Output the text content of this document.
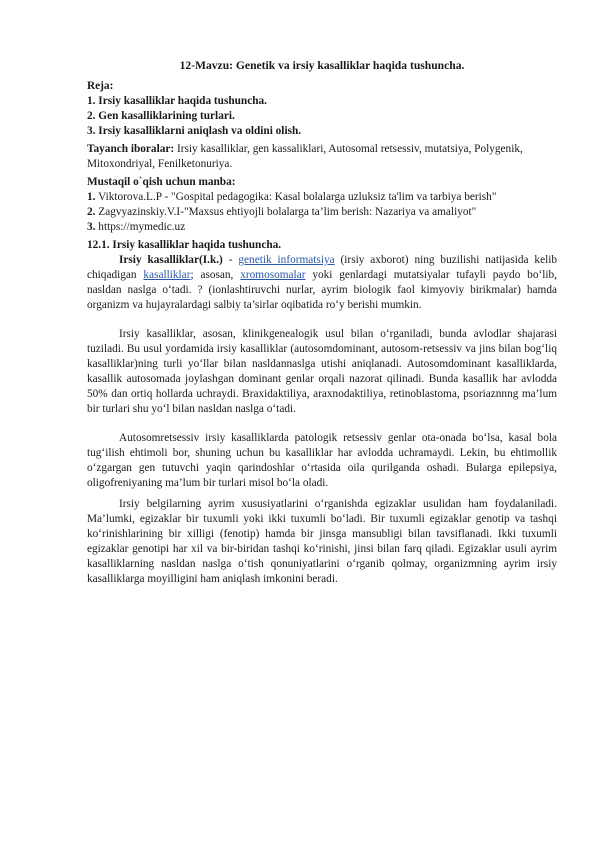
12-Mavzu: Genetik va irsiy kasalliklar haqida tushuncha.

Reja:

1. Irsiy kasalliklar haqida tushuncha.

2. Gen kasalliklarining turlari.

3. Irsiy kasalliklarni aniqlash va oldini olish.

Tayanch iboralar: Irsiy kasalliklar, gen kassaliklari, Autosomal retsessiv, mutatsiya, Polygenik, Mitoxondriyal, Fenilketonuriya.

Mustaqil o`qish uchun manba:

1. Viktorova.L.P - "Gospital pedagogika: Kasal bolalarga uzluksiz ta'lim va tarbiya berish"

2. Zagvyazinskiy.V.I-"Maxsus ehtiyojli bolalarga ta’lim berish: Nazariya va amaliyot"

3. https://mymedic.uz

12.1. Irsiy kasalliklar haqida tushuncha.

Irsiy kasalliklar(I.k.) - genetik informatsiya (irsiy axborot) ning buzilishi natijasida kelib chiqadigan kasalliklar; asosan, xromosomalar yoki genlardagi mutatsiyalar tufayli paydo bo‘lib, nasldan naslga o‘tadi. ? (ionlashtiruvchi nurlar, ayrim biologik faol kimyoviy birikmalar) hamda organizm va hujayralardagi salbiy ta’sirlar oqibatida ro‘y berishi mumkin.

Irsiy kasalliklar, asosan, klinikgenealogik usul bilan o‘rganiladi, bunda avlodlar shajarasi tuziladi. Bu usul yordamida irsiy kasalliklar (autosomdominant, autosom-retsessiv va jins bilan bog‘liq kasalliklar)ning turli yo‘llar bilan nasldannaslga utishi aniqlanadi. Autosomdominant kasalliklarda, kasallik autosomada joylashgan dominant genlar orqali nazorat qilinadi. Bunda kasallik har avlodda 50% dan ortiq hollarda uchraydi. Braxidaktiliya, araxnodaktiliya, retinoblastoma, psoriaznnng ma’lum bir turlari shu yo‘l bilan nasldan naslga o‘tadi.

Autosomretsessiv irsiy kasalliklarda patologik retsessiv genlar ota-onada bo‘lsa, kasal bola tug‘ilish ehtimoli bor, shuning uchun bu kasalliklar har avlodda uchramaydi. Lekin, bu ehtimollik o‘zgargan gen tutuvchi yaqin qarindoshlar o‘rtasida oila qurilganda oshadi. Bularga epilepsiya, oligofreniyaning ma’lum bir turlari misol bo‘la oladi.

Irsiy belgilarning ayrim xususiyatlarini o‘rganishda egizaklar usulidan ham foydalaniladi. Ma’lumki, egizaklar bir tuxumli yoki ikki tuxumli bo‘ladi. Bir tuxumli egizaklar genotip va tashqi ko‘rinishlarining bir xilligi (fenotip) hamda bir jinsga mansubligi bilan tavsiflanadi. Ikki tuxumli egizaklar genotipi har xil va bir-biridan tashqi ko‘rinishi, jinsi bilan farq qiladi. Egizaklar usuli ayrim kasalliklarning nasldan naslga o‘tish qonuniyatlarini o‘rganib qolmay, organizmning ayrim irsiy kasalliklarga moyilligini ham aniqlash imkonini beradi.
